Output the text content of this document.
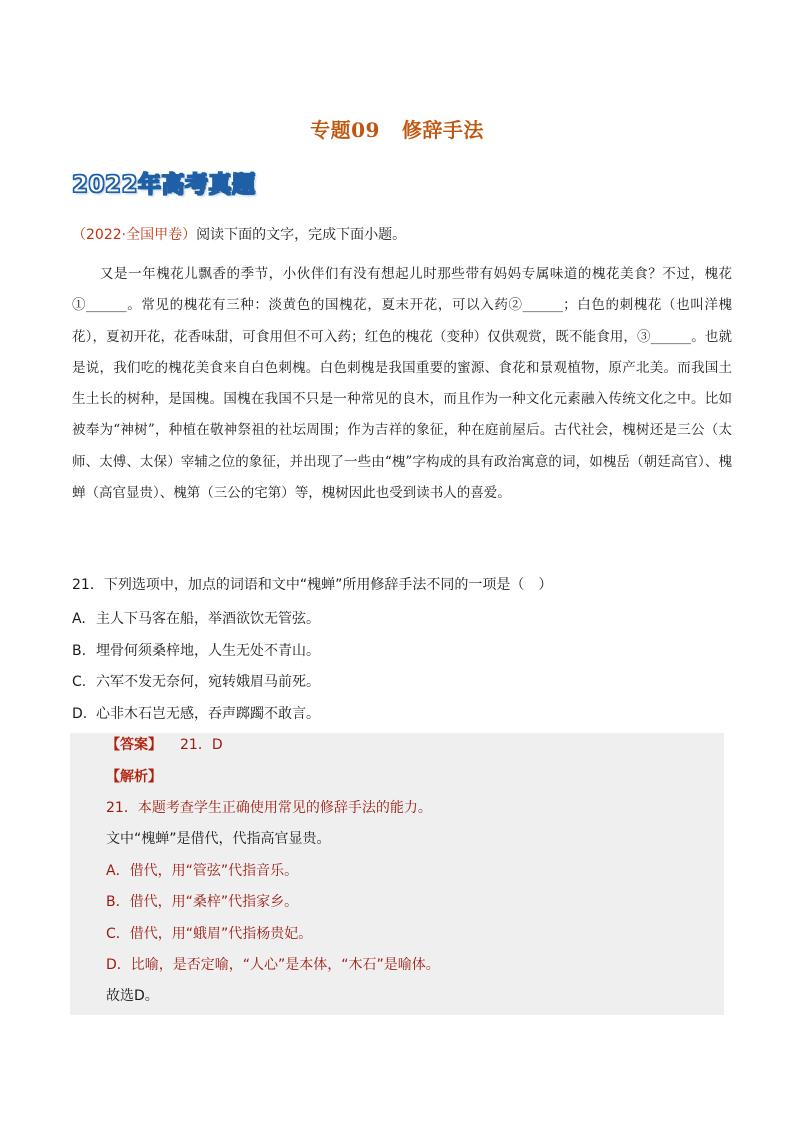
专题09 修辞手法
2022年高考真题
（2022·全国甲卷）阅读下面的文字，完成下面小题。
又是一年槐花儿飘香的季节，小伙伴们有没有想起儿时那些带有妈妈专属味道的槐花美食？不过，槐花①______。常见的槐花有三种：淡黄色的国槐花，夏末开花，可以入药②______；白色的刺槐花（也叫洋槐花），夏初开花，花香味甜，可食用但不可入药；红色的槐花（变种）仅供观赏，既不能食用，③______。也就是说，我们吃的槐花美食来自白色刺槐。白色刺槐是我国重要的蜜源、食花和景观植物，原产北美。而我国土生土长的树种，是国槐。国槐在我国不只是一种常见的良木，而且作为一种文化元素融入传统文化之中。比如被奉为“神树”，种植在敬神祭祖的社坛周围；作为吉祥的象征，种在庭前屋后。古代社会，槐树还是三公（太师、太傅、太保）宰辅之位的象征，并出现了一些由“槐”字构成的具有政治寓意的词，如槐岳（朝廷高官）、槐蝉（高官显贵）、槐第（三公的宅第）等，槐树因此也受到读书人的喜爱。
21．下列选项中，加点的词语和文中“槐蝉”所用修辞手法不同的一项是（　）
A. 主人下马客在船，举酒欲饮无管弦。
B. 埋骨何须桑梓地，人生无处不青山。
C. 六军不发无奈何，宛转娥眉马前死。
D. 心非木石岂无感，吞声踯躅不敢言。
【答案】 21．D
【解析】
21．本题考查学生正确使用常见的修辞手法的能力。
文中“槐蝉”是借代，代指高官显贵。
A．借代，用“管弦”代指音乐。
B．借代，用“桑梓”代指家乡。
C．借代，用“蛾眉”代指杨贵妃。
D．比喻，是否定喻，“人心”是本体，“木石”是喻体。
故选D。
